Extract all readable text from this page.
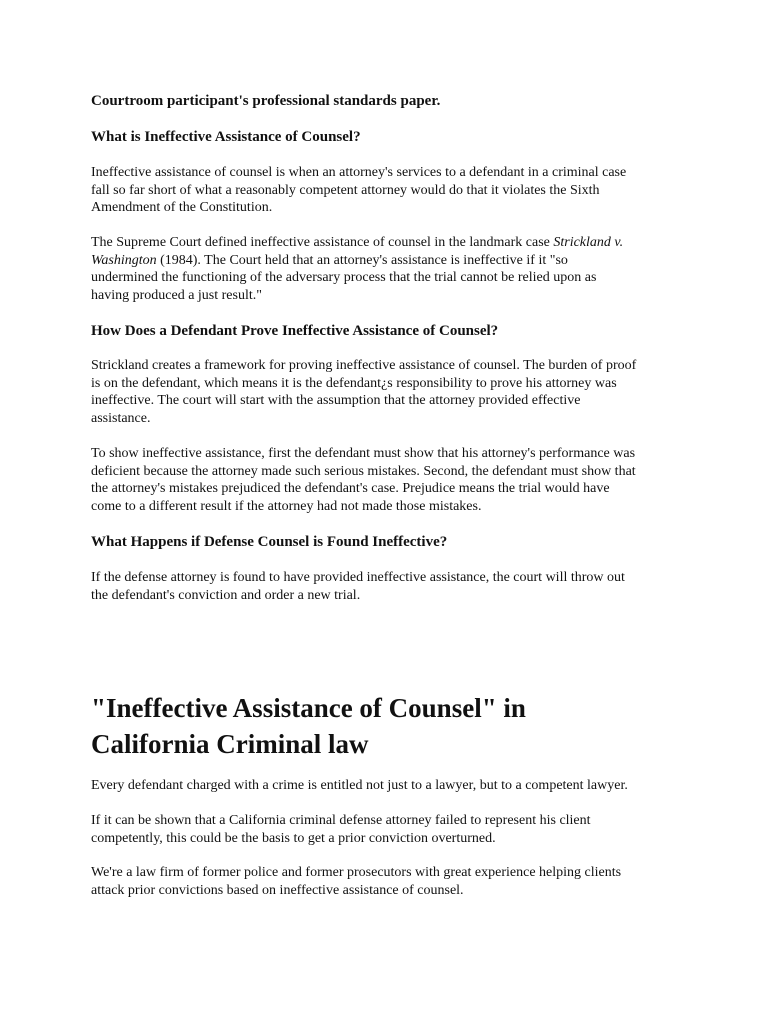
Courtroom participant's professional standards paper.
What is Ineffective Assistance of Counsel?

Ineffective assistance of counsel is when an attorney's services to a defendant in a criminal case
fall so far short of what a reasonably competent attorney would do that it violates the Sixth
Amendment of the Constitution.

The Supreme Court defined ineffective assistance of counsel in the landmark case Strickland v.
Washington (1984). The Court held that an attorney's assistance is ineffective if it "so
undermined the functioning of the adversary process that the trial cannot be relied upon as
having produced a just result."

How Does a Defendant Prove Ineffective Assistance of Counsel?

Strickland creates a framework for proving ineffective assistance of counsel. The burden of proof
is on the defendant, which means it is the defendant¿s responsibility to prove his attorney was
ineffective. The court will start with the assumption that the attorney provided effective
assistance.

To show ineffective assistance, first the defendant must show that his attorney's performance was
deficient because the attorney made such serious mistakes. Second, the defendant must show that
the attorney's mistakes prejudiced the defendant's case. Prejudice means the trial would have
come to a different result if the attorney had not made those mistakes.

What Happens if Defense Counsel is Found Ineffective?

If the defense attorney is found to have provided ineffective assistance, the court will throw out
the defendant's conviction and order a new trial.

"Ineffective Assistance of Counsel" in
California Criminal law

Every defendant charged with a crime is entitled not just to a lawyer, but to a competent lawyer.

If it can be shown that a California criminal defense attorney failed to represent his client
competently, this could be the basis to get a prior conviction overturned.

We're a law firm of former police and former prosecutors with great experience helping clients
attack prior convictions based on ineffective assistance of counsel.
